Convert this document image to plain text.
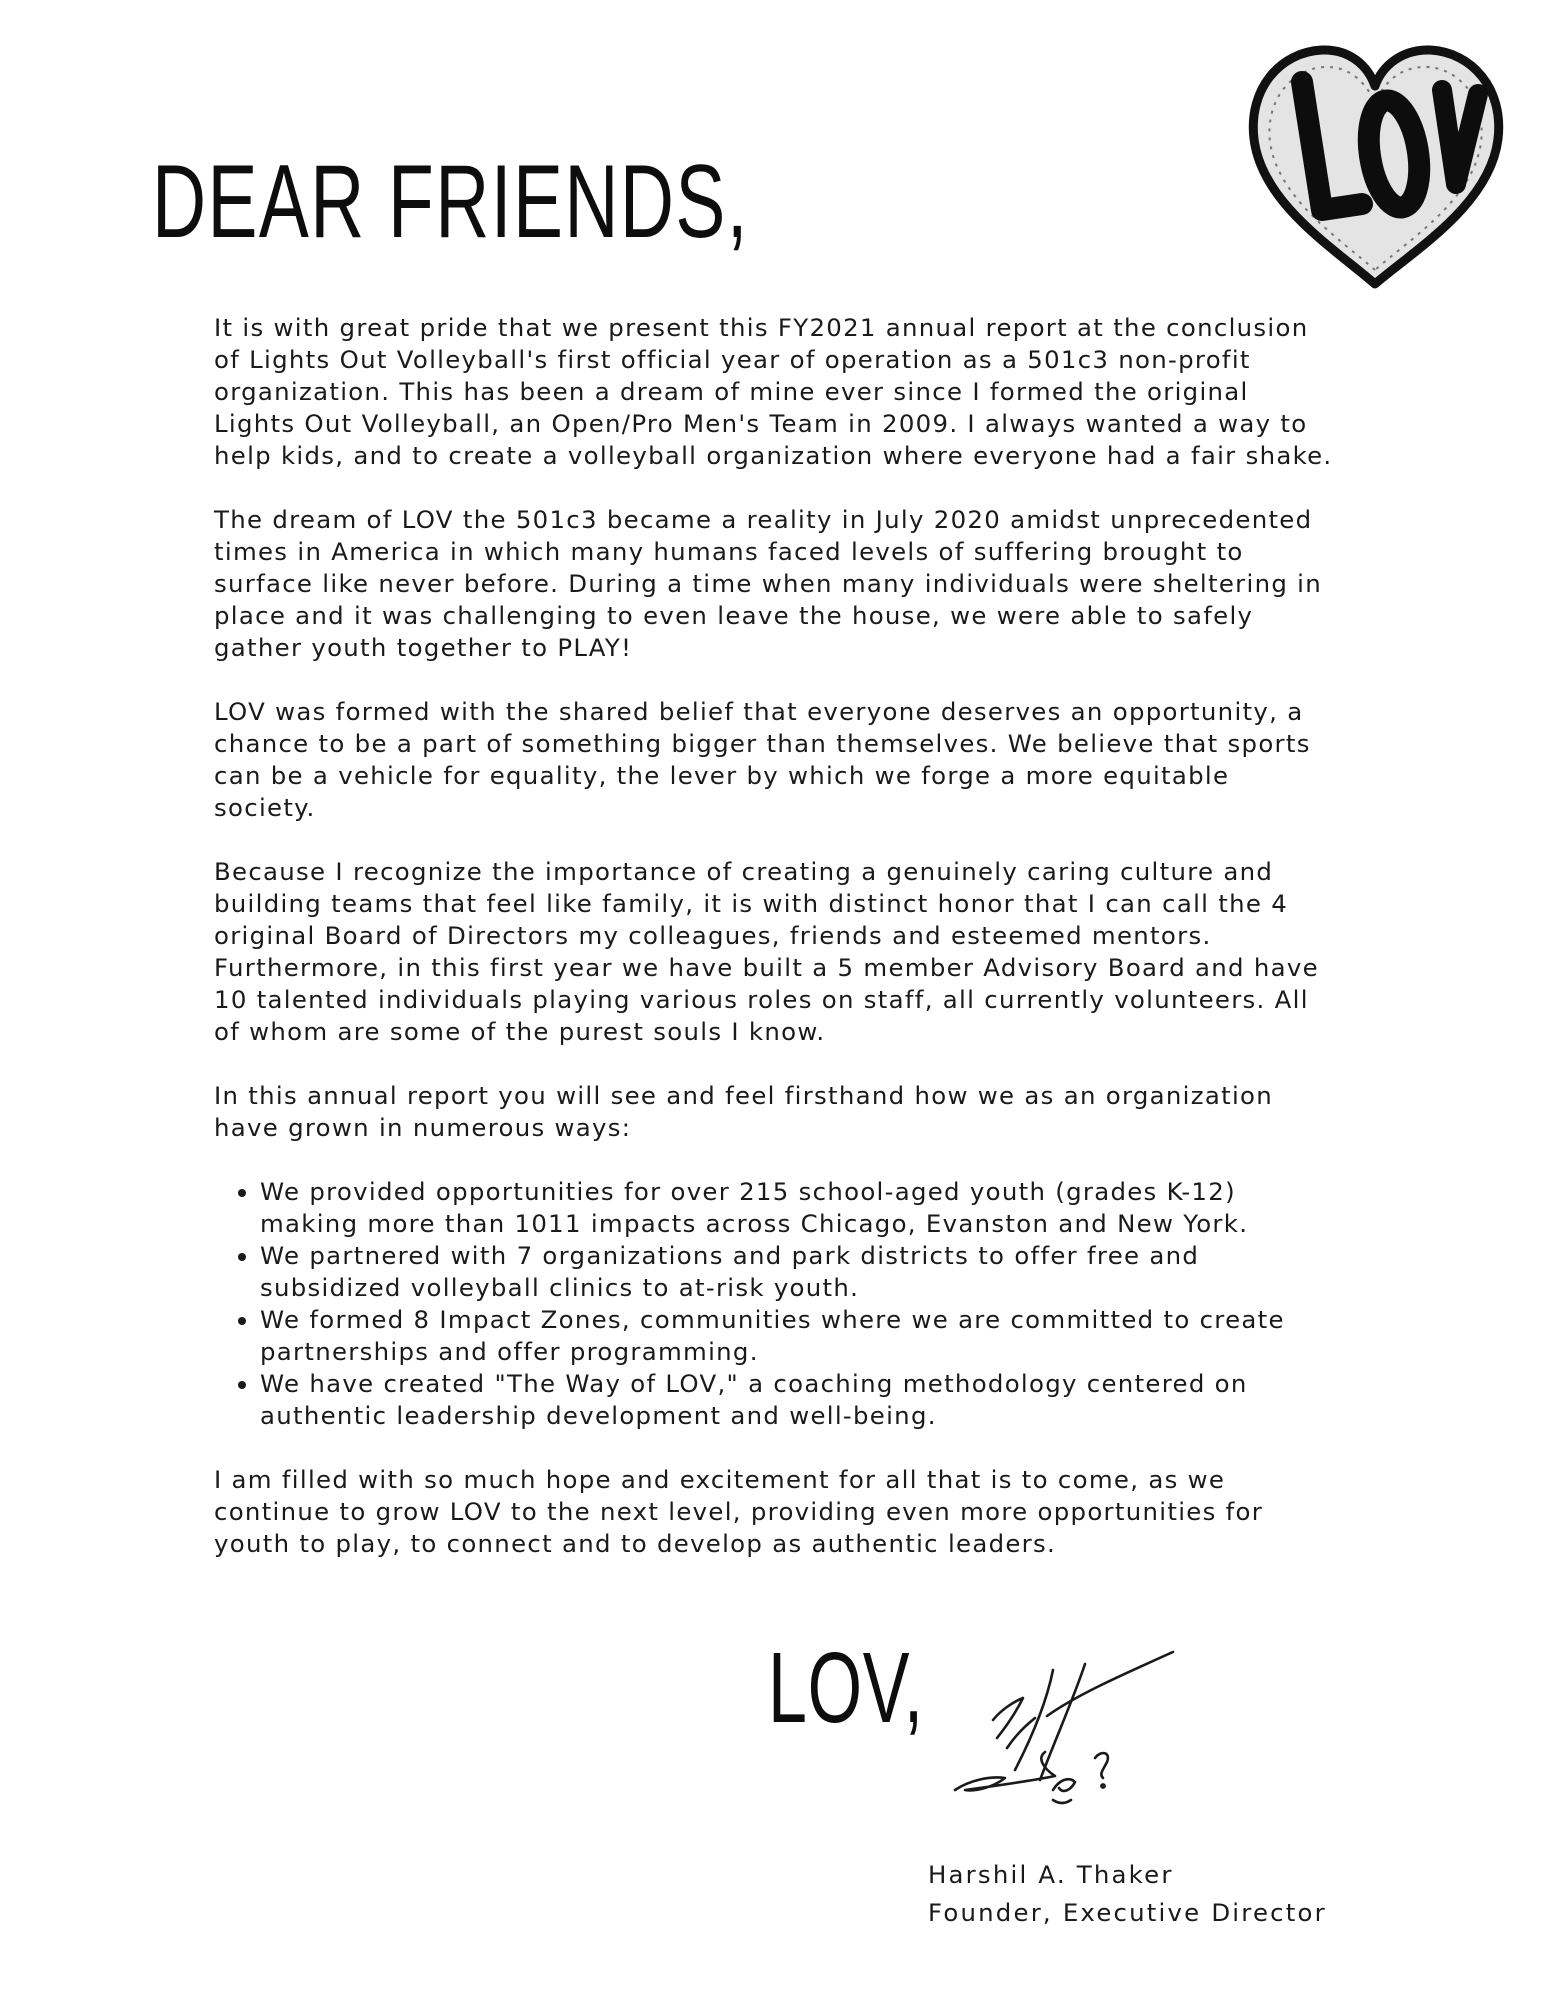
DEAR FRIENDS,

It is with great pride that we present this FY2021 annual report at the conclusion of Lights Out Volleyball's first official year of operation as a 501c3 non-profit organization. This has been a dream of mine ever since I formed the original Lights Out Volleyball, an Open/Pro Men's Team in 2009. I always wanted a way to help kids, and to create a volleyball organization where everyone had a fair shake.

The dream of LOV the 501c3 became a reality in July 2020 amidst unprecedented times in America in which many humans faced levels of suffering brought to surface like never before. During a time when many individuals were sheltering in place and it was challenging to even leave the house, we were able to safely gather youth together to PLAY!

LOV was formed with the shared belief that everyone deserves an opportunity, a chance to be a part of something bigger than themselves. We believe that sports can be a vehicle for equality, the lever by which we forge a more equitable society.

Because I recognize the importance of creating a genuinely caring culture and building teams that feel like family, it is with distinct honor that I can call the 4 original Board of Directors my colleagues, friends and esteemed mentors. Furthermore, in this first year we have built a 5 member Advisory Board and have 10 talented individuals playing various roles on staff, all currently volunteers. All of whom are some of the purest souls I know.

In this annual report you will see and feel firsthand how we as an organization have grown in numerous ways:

• We provided opportunities for over 215 school-aged youth (grades K-12) making more than 1011 impacts across Chicago, Evanston and New York.
• We partnered with 7 organizations and park districts to offer free and subsidized volleyball clinics to at-risk youth.
• We formed 8 Impact Zones, communities where we are committed to create partnerships and offer programming.
• We have created "The Way of LOV," a coaching methodology centered on authentic leadership development and well-being.

I am filled with so much hope and excitement for all that is to come, as we continue to grow LOV to the next level, providing even more opportunities for youth to play, to connect and to develop as authentic leaders.

LOV,
Harshil A. Thaker
Founder, Executive Director
